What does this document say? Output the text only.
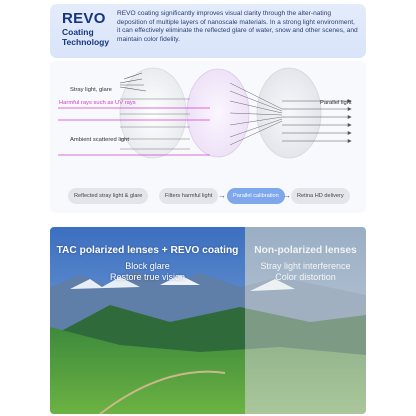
REVO
Coating Technology
REVO coating significantly improves visual clarity through the alter-nating deposition of multiple layers of nanoscale materials. In a strong light environment, it can effectively eliminate the reflected glare of water, snow and other scenes, and maintain color fidelity.
Stray light, glare
Harmful rays such as UV rays
Ambient scattered light
Parallel light
Reflected stray light & glare	Filters harmful light →	Parallel calibration →	Retina HD delivery
TAC polarized lenses + REVO coating
Block glare
Restore true vision
Non-polarized lenses
Stray light interference
Color distortion
